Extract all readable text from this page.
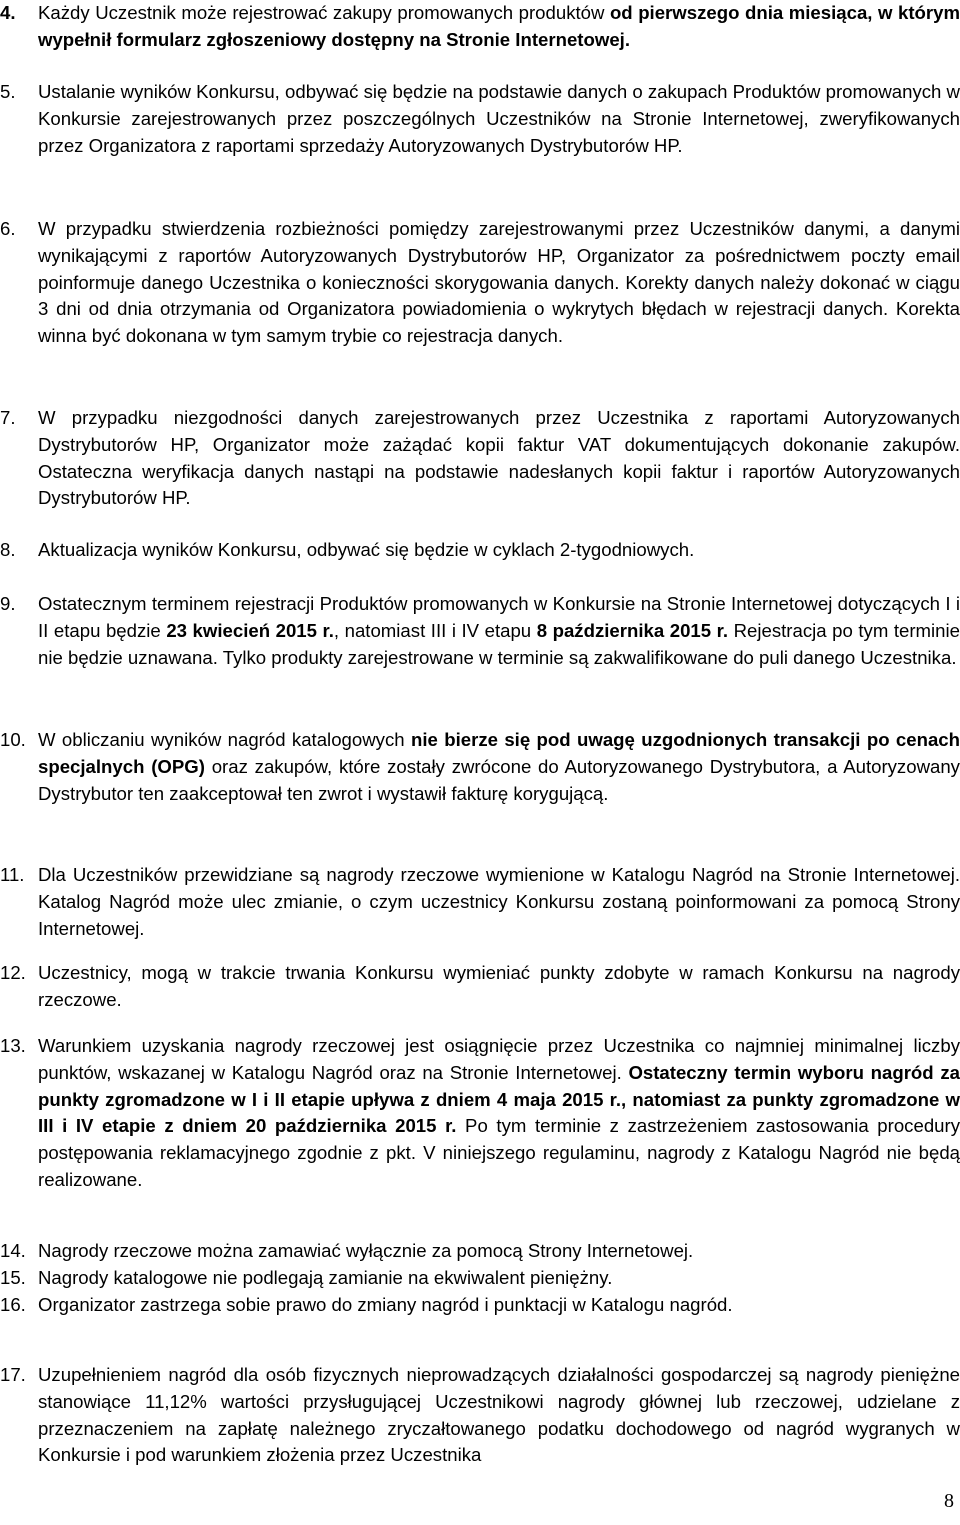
4. Każdy Uczestnik może rejestrować zakupy promowanych produktów od pierwszego dnia miesiąca, w którym wypełnił formularz zgłoszeniowy dostępny na Stronie Internetowej.
5. Ustalanie wyników Konkursu, odbywać się będzie na podstawie danych o zakupach Produktów promowanych w Konkursie zarejestrowanych przez poszczególnych Uczestników na Stronie Internetowej, zweryfikowanych przez Organizatora z raportami sprzedaży Autoryzowanych Dystrybutorów HP.
6. W przypadku stwierdzenia rozbieżności pomiędzy zarejestrowanymi przez Uczestników danymi, a danymi wynikającymi z raportów Autoryzowanych Dystrybutorów HP, Organizator za pośrednictwem poczty email poinformuje danego Uczestnika o konieczności skorygowania danych. Korekty danych należy dokonać w ciągu 3 dni od dnia otrzymania od Organizatora powiadomienia o wykrytych błędach w rejestracji danych. Korekta winna być dokonana w tym samym trybie co rejestracja danych.
7. W przypadku niezgodności danych zarejestrowanych przez Uczestnika z raportami Autoryzowanych Dystrybutorów HP, Organizator może zażądać kopii faktur VAT dokumentujących dokonanie zakupów. Ostateczna weryfikacja danych nastąpi na podstawie nadesłanych kopii faktur i raportów Autoryzowanych Dystrybutorów HP.
8. Aktualizacja wyników Konkursu, odbywać się będzie w cyklach 2-tygodniowych.
9. Ostatecznym terminem rejestracji Produktów promowanych w Konkursie na Stronie Internetowej dotyczących I i II etapu będzie 23 kwiecień 2015 r., natomiast III i IV etapu 8 października 2015 r. Rejestracja po tym terminie nie będzie uznawana. Tylko produkty zarejestrowane w terminie są zakwalifikowane do puli danego Uczestnika.
10. W obliczaniu wyników nagród katalogowych nie bierze się pod uwagę uzgodnionych transakcji po cenach specjalnych (OPG) oraz zakupów, które zostały zwrócone do Autoryzowanego Dystrybutora, a Autoryzowany Dystrybutor ten zaakceptował ten zwrot i wystawił fakturę korygującą.
11. Dla Uczestników przewidziane są nagrody rzeczowe wymienione w Katalogu Nagród na Stronie Internetowej. Katalog Nagród może ulec zmianie, o czym uczestnicy Konkursu zostaną poinformowani za pomocą Strony Internetowej.
12. Uczestnicy, mogą w trakcie trwania Konkursu wymieniać punkty zdobyte w ramach Konkursu na nagrody rzeczowe.
13. Warunkiem uzyskania nagrody rzeczowej jest osiągnięcie przez Uczestnika co najmniej minimalnej liczby punktów, wskazanej w Katalogu Nagród oraz na Stronie Internetowej. Ostateczny termin wyboru nagród za punkty zgromadzone w I i II etapie upływa z dniem 4 maja 2015 r., natomiast za punkty zgromadzone w III i IV etapie z dniem 20 października 2015 r. Po tym terminie z zastrzeżeniem zastosowania procedury postępowania reklamacyjnego zgodnie z pkt. V niniejszego regulaminu, nagrody z Katalogu Nagród nie będą realizowane.
14. Nagrody rzeczowe można zamawiać wyłącznie za pomocą Strony Internetowej.
15. Nagrody katalogowe nie podlegają zamianie na ekwiwalent pieniężny.
16. Organizator zastrzega sobie prawo do zmiany nagród i punktacji w Katalogu nagród.
17. Uzupełnieniem nagród dla osób fizycznych nieprowadzących działalności gospodarczej są nagrody pieniężne stanowiące 11,12% wartości przysługującej Uczestnikowi nagrody głównej lub rzeczowej, udzielane z przeznaczeniem na zapłatę należnego zryczałtowanego podatku dochodowego od nagród wygranych w Konkursie i pod warunkiem złożenia przez Uczestnika
8
